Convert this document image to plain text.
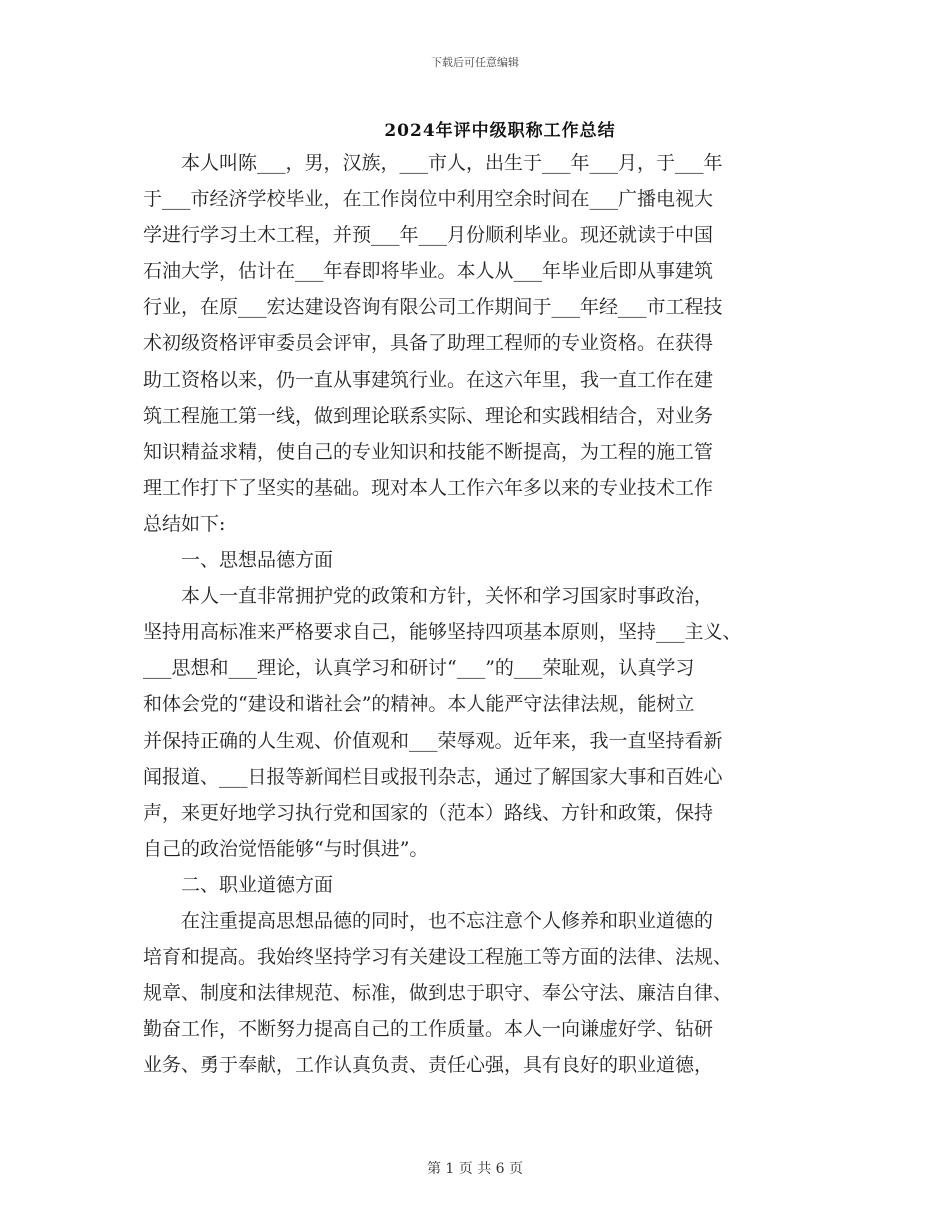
下载后可任意编辑
2024年评中级职称工作总结
　　本人叫陈___，男，汉族，___市人，出生于___年___月，于___年
于___市经济学校毕业，在工作岗位中利用空余时间在___广播电视大
学进行学习土木工程，并预___年___月份顺利毕业。现还就读于中国
石油大学，估计在___年春即将毕业。本人从___年毕业后即从事建筑
行业，在原___宏达建设咨询有限公司工作期间于___年经___市工程技
术初级资格评审委员会评审，具备了助理工程师的专业资格。在获得
助工资格以来，仍一直从事建筑行业。在这六年里，我一直工作在建
筑工程施工第一线，做到理论联系实际、理论和实践相结合，对业务
知识精益求精，使自己的专业知识和技能不断提高，为工程的施工管
理工作打下了坚实的基础。现对本人工作六年多以来的专业技术工作
总结如下:
　　一、思想品德方面
　　本人一直非常拥护党的政策和方针，关怀和学习国家时事政治，
坚持用高标准来严格要求自己，能够坚持四项基本原则，坚持___主义、
___思想和___理论，认真学习和研讨“___”的___荣耻观，认真学习
和体会党的“建设和谐社会”的精神。本人能严守法律法规，能树立
并保持正确的人生观、价值观和___荣辱观。近年来，我一直坚持看新
闻报道、___日报等新闻栏目或报刊杂志，通过了解国家大事和百姓心
声，来更好地学习执行党和国家的（范本）路线、方针和政策，保持
自己的政治觉悟能够“与时俱进”。
　　二、职业道德方面
　　在注重提高思想品德的同时，也不忘注意个人修养和职业道德的
培育和提高。我始终坚持学习有关建设工程施工等方面的法律、法规、
规章、制度和法律规范、标准，做到忠于职守、奉公守法、廉洁自律、
勤奋工作，不断努力提高自己的工作质量。本人一向谦虚好学、钻研
业务、勇于奉献，工作认真负责、责任心强，具有良好的职业道德，
第 1 页 共 6 页
